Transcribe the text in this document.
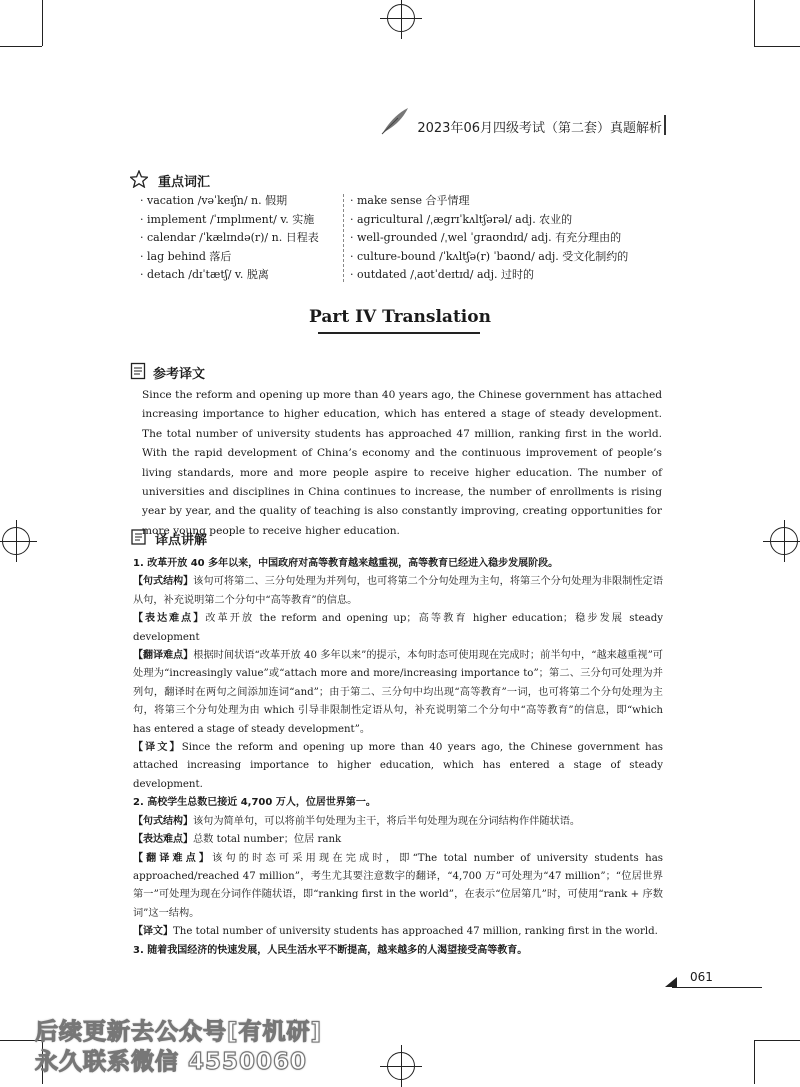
2023年06月四级考试（第二套）真题解析
重点词汇
· vacation /vəˈkeɪʃn/ n. 假期
· implement /ˈɪmplɪment/ v. 实施
· calendar /ˈkælɪndə(r)/ n. 日程表
· lag behind 落后
· detach /dɪˈtætʃ/ v. 脱离
· make sense 合乎情理
· agricultural /ˌæɡrɪˈkʌltʃərəl/ adj. 农业的
· well-grounded /ˌwel ˈɡraʊndɪd/ adj. 有充分理由的
· culture-bound /ˈkʌltʃə(r) ˈbaʊnd/ adj. 受文化制约的
· outdated /ˌaʊtˈdeɪtɪd/ adj. 过时的
Part IV Translation
参考译文
Since the reform and opening up more than 40 years ago, the Chinese government has attached increasing importance to higher education, which has entered a stage of steady development. The total number of university students has approached 47 million, ranking first in the world. With the rapid development of China’s economy and the continuous improvement of people’s living standards, more and more people aspire to receive higher education. The number of universities and disciplines in China continues to increase, the number of enrollments is rising year by year, and the quality of teaching is also constantly improving, creating opportunities for more young people to receive higher education.
译点讲解

1. 改革开放 40 多年以来，中国政府对高等教育越来越重视，高等教育已经进入稳步发展阶段。

【句式结构】该句可将第二、三分句处理为并列句，也可将第二个分句处理为主句，将第三个分句处理为非限制性定语从句，补充说明第二个分句中“高等教育”的信息。

【表达难点】改革开放 the reform and opening up；高等教育 higher education；稳步发展 steady development

【翻译难点】根据时间状语“改革开放 40 多年以来”的提示，本句时态可使用现在完成时；前半句中，“越来越重视”可处理为“increasingly value”或“attach more and more/increasing importance to”；第二、三分句可处理为并列句，翻译时在两句之间添加连词“and”；由于第二、三分句中均出现“高等教育”一词，也可将第二个分句处理为主句，将第三个分句处理为由 which 引导非限制性定语从句，补充说明第二个分句中“高等教育”的信息，即“which has entered a stage of steady development”。

【译文】Since the reform and opening up more than 40 years ago, the Chinese government has attached increasing importance to higher education, which has entered a stage of steady development.

2. 高校学生总数已接近 4,700 万人，位居世界第一。

【句式结构】该句为简单句，可以将前半句处理为主干，将后半句处理为现在分词结构作伴随状语。

【表达难点】总数 total number；位居 rank

【翻译难点】该句的时态可采用现在完成时，即“The total number of university students has approached/reached 47 million”，考生尤其要注意数字的翻译，“4,700 万”可处理为“47 million”；“位居世界第一”可处理为现在分词作伴随状语，即“ranking first in the world”，在表示“位居第几”时，可使用“rank + 序数词”这一结构。

【译文】The total number of university students has approached 47 million, ranking first in the world.

3. 随着我国经济的快速发展，人民生活水平不断提高，越来越多的人渴望接受高等教育。

061
后续更新去公众号[有机研]
永久联系微信 4550060
